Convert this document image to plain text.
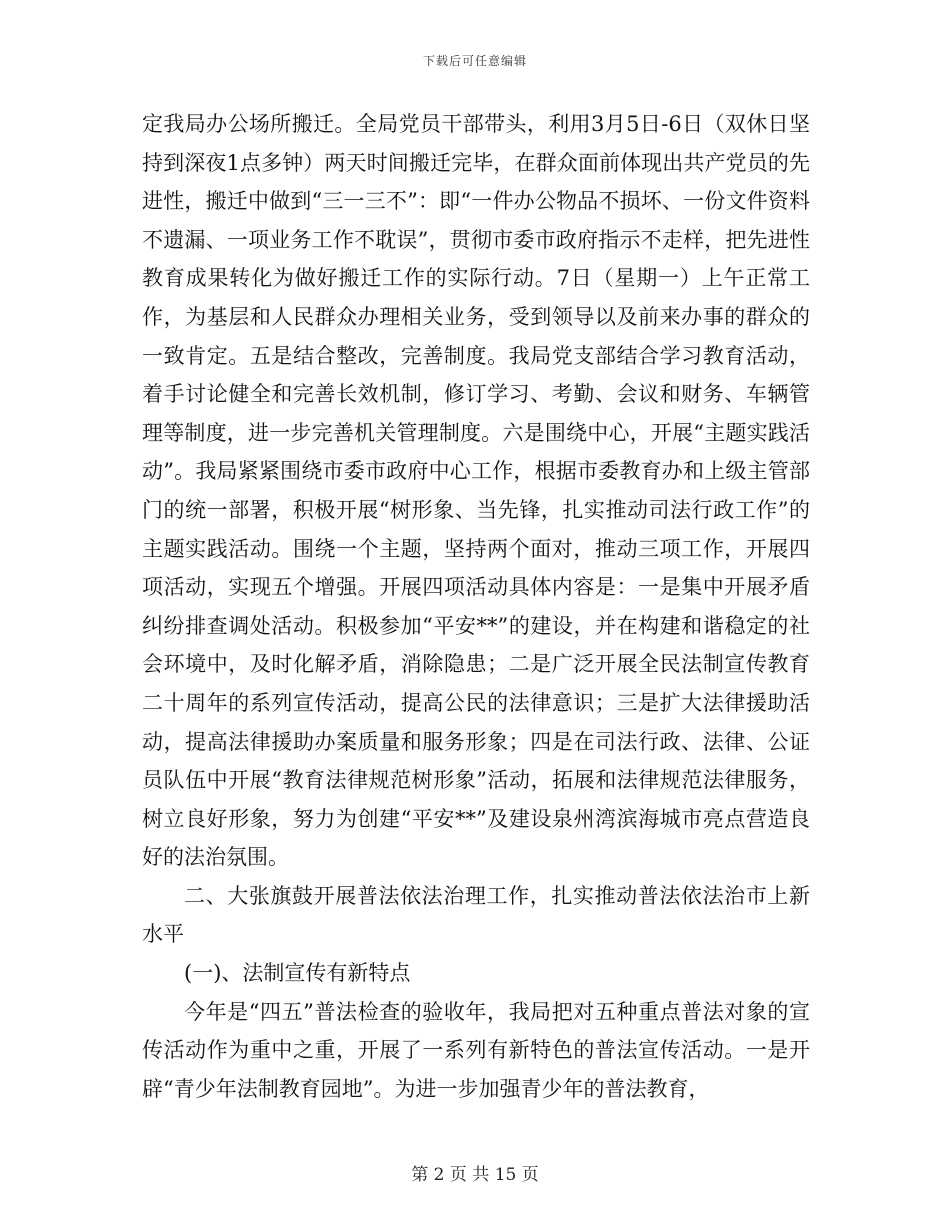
下载后可任意编辑

定我局办公场所搬迁。全局党员干部带头，利用3月5日-6日（双休日坚持到深夜1点多钟）两天时间搬迁完毕，在群众面前体现出共产党员的先进性，搬迁中做到“三一三不”：即“一件办公物品不损坏、一份文件资料不遗漏、一项业务工作不耽误”，贯彻市委市政府指示不走样，把先进性教育成果转化为做好搬迁工作的实际行动。7日（星期一）上午正常工作，为基层和人民群众办理相关业务，受到领导以及前来办事的群众的一致肯定。五是结合整改，完善制度。我局党支部结合学习教育活动，着手讨论健全和完善长效机制，修订学习、考勤、会议和财务、车辆管理等制度，进一步完善机关管理制度。六是围绕中心，开展“主题实践活动”。我局紧紧围绕市委市政府中心工作，根据市委教育办和上级主管部门的统一部署，积极开展“树形象、当先锋，扎实推动司法行政工作”的主题实践活动。围绕一个主题，坚持两个面对，推动三项工作，开展四项活动，实现五个增强。开展四项活动具体内容是：一是集中开展矛盾纠纷排查调处活动。积极参加“平安**”的建设，并在构建和谐稳定的社会环境中，及时化解矛盾，消除隐患；二是广泛开展全民法制宣传教育二十周年的系列宣传活动，提高公民的法律意识；三是扩大法律援助活动，提高法律援助办案质量和服务形象；四是在司法行政、法律、公证员队伍中开展“教育法律规范树形象”活动，拓展和法律规范法律服务，树立良好形象，努力为创建“平安**”及建设泉州湾滨海城市亮点营造良好的法治氛围。

二、大张旗鼓开展普法依法治理工作，扎实推动普法依法治市上新水平

(一)、法制宣传有新特点

今年是“四五”普法检查的验收年，我局把对五种重点普法对象的宣传活动作为重中之重，开展了一系列有新特色的普法宣传活动。一是开辟“青少年法制教育园地”。为进一步加强青少年的普法教育，

第 2 页 共 15 页
